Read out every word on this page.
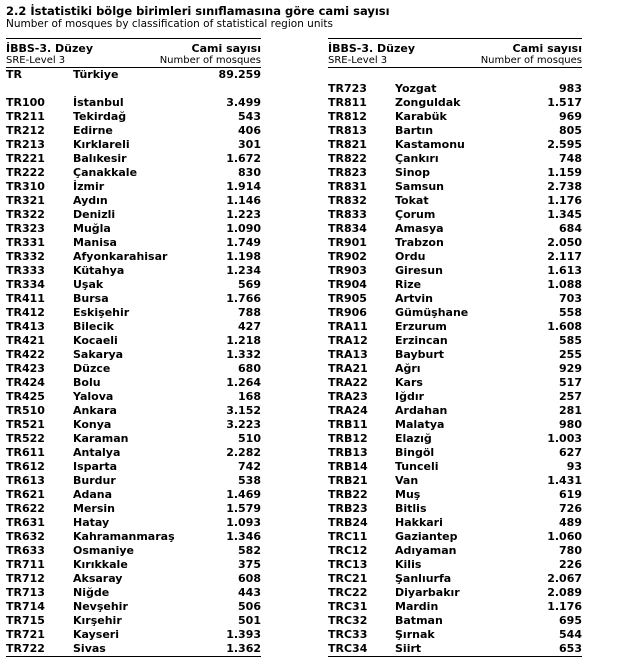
2.2 İstatistiki bölge birimleri sınıflamasına göre cami sayısı
Number of mosques by classification of statistical region units
İBBS-3. Düzey	Cami sayısı
SRE-Level 3	Number of mosques
TR	Türkiye	89.259
TR100	İstanbul	3.499
TR211	Tekirdağ	543
TR212	Edirne	406
TR213	Kırklareli	301
TR221	Balıkesir	1.672
TR222	Çanakkale	830
TR310	İzmir	1.914
TR321	Aydın	1.146
TR322	Denizli	1.223
TR323	Muğla	1.090
TR331	Manisa	1.749
TR332	Afyonkarahisar	1.198
TR333	Kütahya	1.234
TR334	Uşak	569
TR411	Bursa	1.766
TR412	Eskişehir	788
TR413	Bilecik	427
TR421	Kocaeli	1.218
TR422	Sakarya	1.332
TR423	Düzce	680
TR424	Bolu	1.264
TR425	Yalova	168
TR510	Ankara	3.152
TR521	Konya	3.223
TR522	Karaman	510
TR611	Antalya	2.282
TR612	Isparta	742
TR613	Burdur	538
TR621	Adana	1.469
TR622	Mersin	1.579
TR631	Hatay	1.093
TR632	Kahramanmaraş	1.346
TR633	Osmaniye	582
TR711	Kırıkkale	375
TR712	Aksaray	608
TR713	Niğde	443
TR714	Nevşehir	506
TR715	Kırşehir	501
TR721	Kayseri	1.393
TR722	Sivas	1.362
İBBS-3. Düzey	Cami sayısı
SRE-Level 3	Number of mosques
TR723	Yozgat	983
TR811	Zonguldak	1.517
TR812	Karabük	969
TR813	Bartın	805
TR821	Kastamonu	2.595
TR822	Çankırı	748
TR823	Sinop	1.159
TR831	Samsun	2.738
TR832	Tokat	1.176
TR833	Çorum	1.345
TR834	Amasya	684
TR901	Trabzon	2.050
TR902	Ordu	2.117
TR903	Giresun	1.613
TR904	Rize	1.088
TR905	Artvin	703
TR906	Gümüşhane	558
TRA11 Erzurum	1.608
TRA12 Erzincan	585
TRA13 Bayburt	255
TRA21 Ağrı	929
TRA22 Kars	517
TRA23 Iğdır	257
TRA24 Ardahan	281
TRB11 Malatya	980
TRB12 Elazığ	1.003
TRB13 Bingöl	627
TRB14 Tunceli	93
TRB21 Van	1.431
TRB22 Muş	619
TRB23 Bitlis	726
TRB24 Hakkari	489
TRC11	Gaziantep	1.060
TRC12	Adıyaman	780
TRC13	Kilis	226
TRC21	Şanlıurfa	2.067
TRC22	Diyarbakır	2.089
TRC31	Mardin	1.176
TRC32	Batman	695
TRC33	Şırnak	544
TRC34	Siirt	653
